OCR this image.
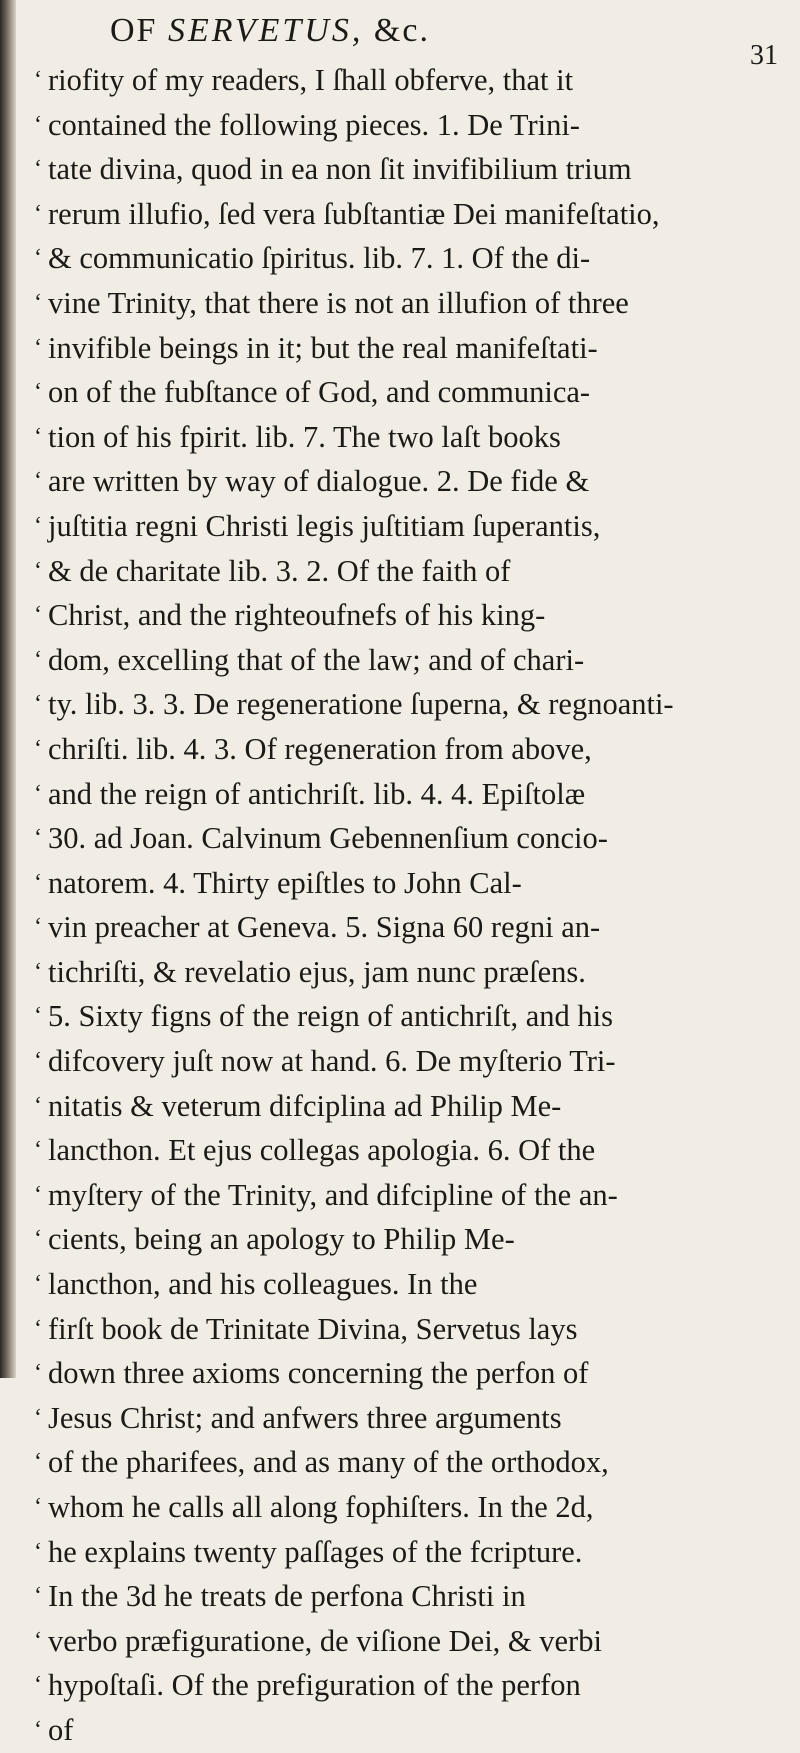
OF SERVETUS, &c.
31
‘ riofity of my readers, I ſhall obferve, that it
‘ contained the following pieces. 1. De Trini-
‘ tate divina, quod in ea non ſit invifibilium trium
‘ rerum illufio, ſed vera ſubſtantiæ Dei manifeſtatio,
‘ & communicatio ſpiritus. lib. 7. 1. Of the di-
‘ vine Trinity, that there is not an illufion of three
‘ invifible beings in it; but the real manifeſtati-
‘ on of the fubſtance of God, and communica-
‘ tion of his fpirit. lib. 7. The two laſt books
‘ are written by way of dialogue. 2. De fide &
‘ juſtitia regni Christi legis juſtitiam ſuperantis,
‘ & de charitate lib. 3. 2. Of the faith of
‘ Christ, and the righteoufnefs of his king-
‘ dom, excelling that of the law; and of chari-
‘ ty. lib. 3. 3. De regeneratione ſuperna, & regnoanti-
‘ chriſti. lib. 4. 3. Of regeneration from above,
‘ and the reign of antichriſt. lib. 4. 4. Epiſtolæ
‘ 30. ad Joan. Calvinum Gebennenſium concio-
‘ natorem. 4. Thirty epiſtles to John Cal-
‘ vin preacher at Geneva. 5. Signa 60 regni an-
‘ tichriſti, & revelatio ejus, jam nunc præſens.
‘ 5. Sixty figns of the reign of antichriſt, and his
‘ difcovery juſt now at hand. 6. De myſterio Tri-
‘ nitatis & veterum difciplina ad Philip Me-
‘ lancthon. Et ejus collegas apologia. 6. Of the
‘ myſtery of the Trinity, and difcipline of the an-
‘ cients, being an apology to Philip Me-
‘ lancthon, and his colleagues. In the
‘ firſt book de Trinitate Divina, Servetus lays
‘ down three axioms concerning the perfon of
‘ Jesus Christ; and anfwers three arguments
‘ of the pharifees, and as many of the orthodox,
‘ whom he calls all along fophiſters. In the 2d,
‘ he explains twenty paſſages of the fcripture.
‘ In the 3d he treats de perfona Christi in
‘ verbo præfiguratione, de viſione Dei, & verbi
‘ hypoſtaſi. Of the prefiguration of the perfon
‘ of
